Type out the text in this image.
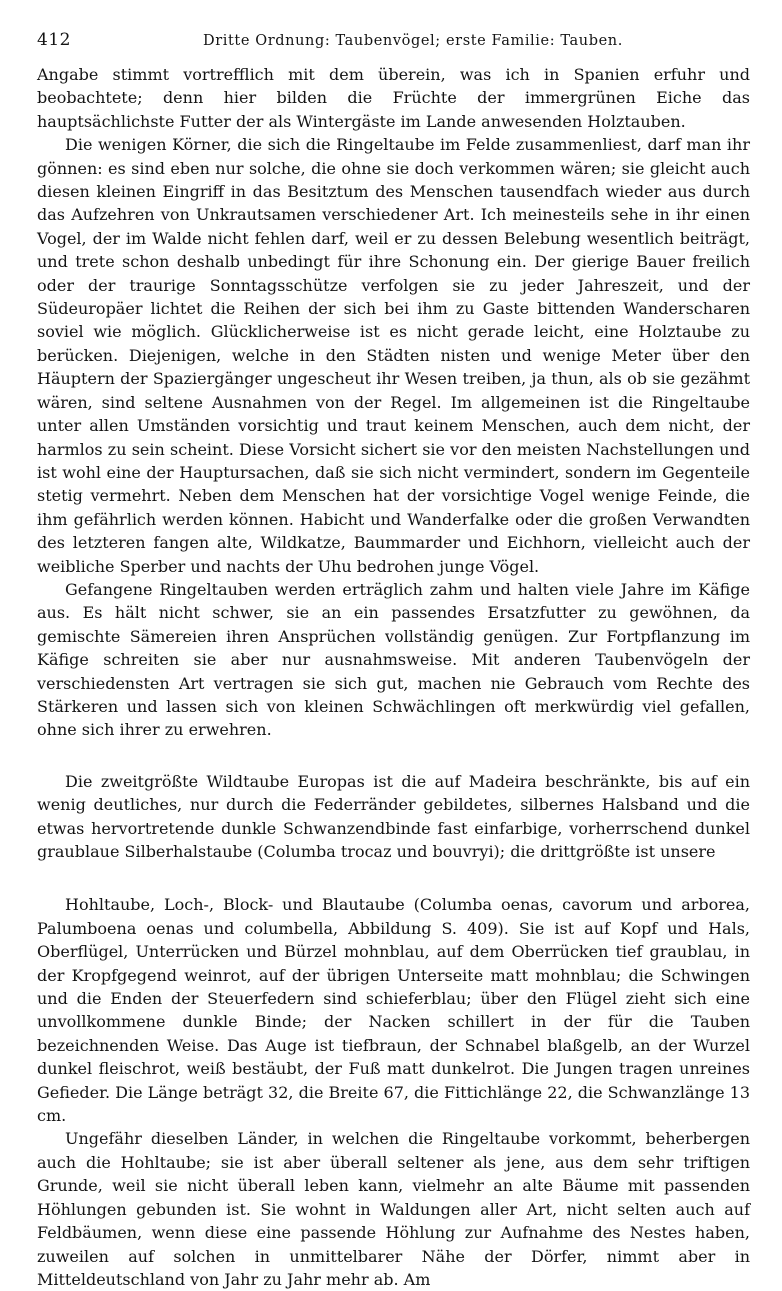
412	Dritte Ordnung: Taubenvögel; erste Familie: Tauben.

Angabe stimmt vortrefflich mit dem überein, was ich in Spanien erfuhr und beobachtete; denn hier bilden die Früchte der immergrünen Eiche das hauptsächlichste Futter der als Wintergäste im Lande anwesenden Holztauben.

Die wenigen Körner, die sich die Ringeltaube im Felde zusammenliest, darf man ihr gönnen: es sind eben nur solche, die ohne sie doch verkommen wären; sie gleicht auch diesen kleinen Eingriff in das Besitztum des Menschen tausendfach wieder aus durch das Aufzehren von Unkrautsamen verschiedener Art. Ich meinesteils sehe in ihr einen Vogel, der im Walde nicht fehlen darf, weil er zu dessen Belebung wesentlich beiträgt, und trete schon deshalb unbedingt für ihre Schonung ein. Der gierige Bauer freilich oder der traurige Sonntagsschütze verfolgen sie zu jeder Jahreszeit, und der Südeuropäer lichtet die Reihen der sich bei ihm zu Gaste bittenden Wanderscharen soviel wie möglich. Glücklicherweise ist es nicht gerade leicht, eine Holztaube zu berücken. Diejenigen, welche in den Städten nisten und wenige Meter über den Häuptern der Spaziergänger ungescheut ihr Wesen treiben, ja thun, als ob sie gezähmt wären, sind seltene Ausnahmen von der Regel. Im allgemeinen ist die Ringeltaube unter allen Umständen vorsichtig und traut keinem Menschen, auch dem nicht, der harmlos zu sein scheint. Diese Vorsicht sichert sie vor den meisten Nachstellungen und ist wohl eine der Hauptursachen, daß sie sich nicht vermindert, sondern im Gegenteile stetig vermehrt. Neben dem Menschen hat der vorsichtige Vogel wenige Feinde, die ihm gefährlich werden können. Habicht und Wanderfalke oder die großen Verwandten des letzteren fangen alte, Wildkatze, Baummarder und Eichhorn, vielleicht auch der weibliche Sperber und nachts der Uhu bedrohen junge Vögel.

Gefangene Ringeltauben werden erträglich zahm und halten viele Jahre im Käfige aus. Es hält nicht schwer, sie an ein passendes Ersatzfutter zu gewöhnen, da gemischte Sämereien ihren Ansprüchen vollständig genügen. Zur Fortpflanzung im Käfige schreiten sie aber nur ausnahmsweise. Mit anderen Taubenvögeln der verschiedensten Art vertragen sie sich gut, machen nie Gebrauch vom Rechte des Stärkeren und lassen sich von kleinen Schwächlingen oft merkwürdig viel gefallen, ohne sich ihrer zu erwehren.

Die zweitgrößte Wildtaube Europas ist die auf Madeira beschränkte, bis auf ein wenig deutliches, nur durch die Federränder gebildetes, silbernes Halsband und die etwas hervortretende dunkle Schwanzendbinde fast einfarbige, vorherrschend dunkel graublaue Silberhalstaube (Columba trocaz und bouvryi); die drittgrößte ist unsere

Hohltaube, Loch-, Block- und Blautaube (Columba oenas, cavorum und arborea, Palumboena oenas und columbella, Abbildung S. 409). Sie ist auf Kopf und Hals, Oberflügel, Unterrücken und Bürzel mohnblau, auf dem Oberrücken tief graublau, in der Kropfgegend weinrot, auf der übrigen Unterseite matt mohnblau; die Schwingen und die Enden der Steuerfedern sind schieferblau; über den Flügel zieht sich eine unvollkommene dunkle Binde; der Nacken schillert in der für die Tauben bezeichnenden Weise. Das Auge ist tiefbraun, der Schnabel blaßgelb, an der Wurzel dunkel fleischrot, weiß bestäubt, der Fuß matt dunkelrot. Die Jungen tragen unreines Gefieder. Die Länge beträgt 32, die Breite 67, die Fittichlänge 22, die Schwanzlänge 13 cm.

Ungefähr dieselben Länder, in welchen die Ringeltaube vorkommt, beherbergen auch die Hohltaube; sie ist aber überall seltener als jene, aus dem sehr triftigen Grunde, weil sie nicht überall leben kann, vielmehr an alte Bäume mit passenden Höhlungen gebunden ist. Sie wohnt in Waldungen aller Art, nicht selten auch auf Feldbäumen, wenn diese eine passende Höhlung zur Aufnahme des Nestes haben, zuweilen auf solchen in unmittelbarer Nähe der Dörfer, nimmt aber in Mitteldeutschland von Jahr zu Jahr mehr ab. Am
